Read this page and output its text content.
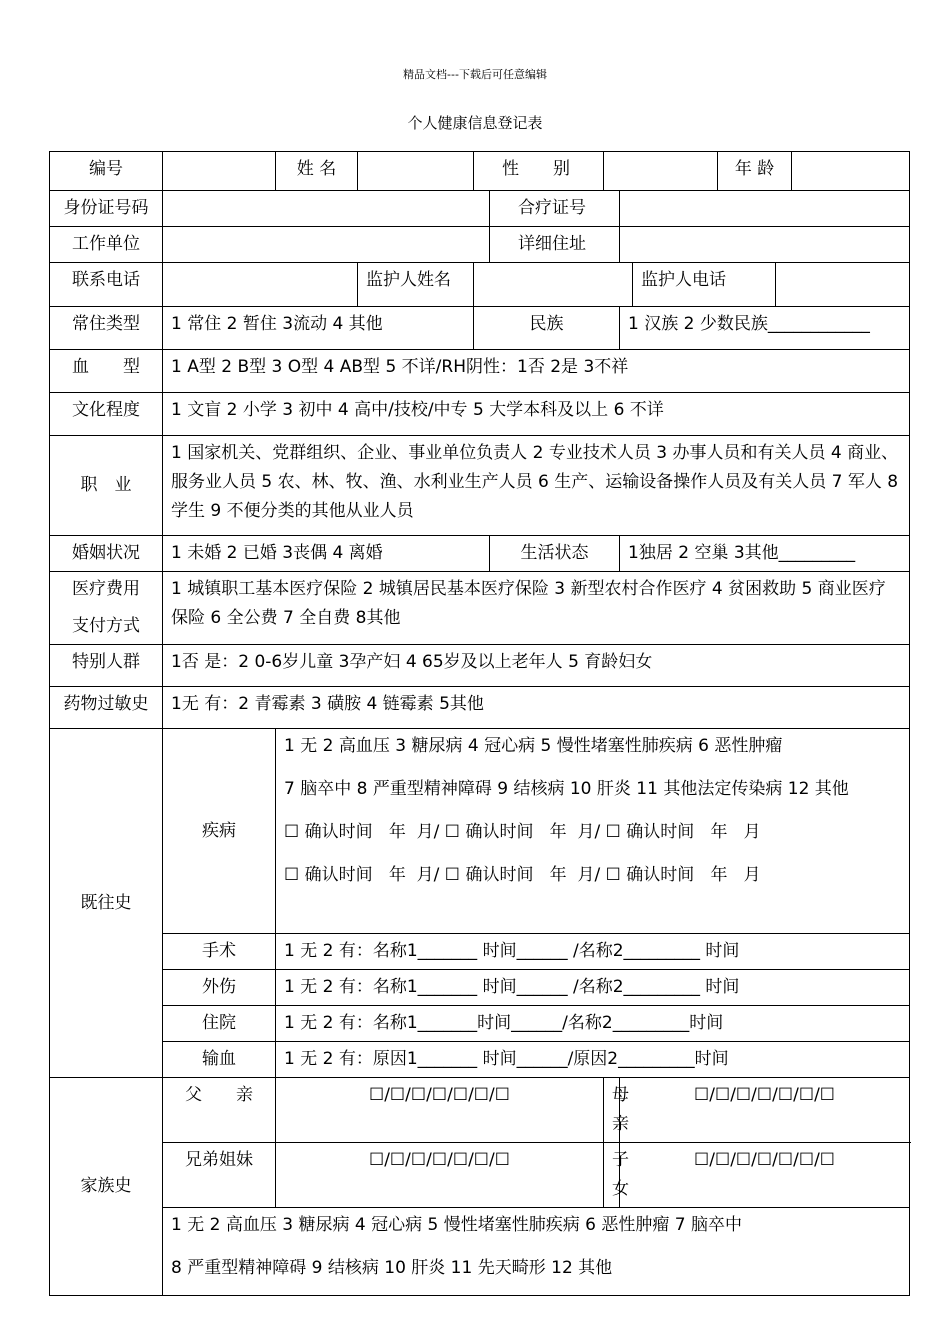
精品文档---下载后可任意编辑
个人健康信息登记表
编号		姓 名		性　　别					年 龄		
身份证号码					合疗证号						
工作单位					详细住址						
联系电话			监护人姓名					监护人电话			
常住类型	1 常住 2 暂住 3流动 4 其他			民族			1 汉族 2 少数民族____________				
血　　型	1 A型 2 B型 3 O型 4 AB型 5 不详/RH阴性：1否 2是 3不祥										
文化程度	1 文盲 2 小学 3 初中 4 高中/技校/中专 5 大学本科及以上 6 不详										
职　业	1 国家机关、党群组织、企业、事业单位负责人 2 专业技术人员 3 办事人员和有关人员 4 商业、服务业人员 5 农、林、牧、渔、水利业生产人员 6 生产、运输设备操作人员及有关人员 7 军人 8 学生 9 不便分类的其他从业人员										
婚姻状况	1 未婚 2 已婚 3丧偶 4 离婚				生活状态		1独居 2 空巢 3其他_________				

医疗费用
支付方式	1 城镇职工基本医疗保险 2 城镇居民基本医疗保险 3 新型农村合作医疗 4 贫困救助 5 商业医疗保险 6 全公费 7 全自费 8其他										
特别人群	1否 是：2 0-6岁儿童 3孕产妇 4 65岁及以上老年人 5 育龄妇女										
药物过敏史	1无 有：2 青霉素 3 磺胺 4 链霉素 5其他										
既往史	疾病	1 无 2 高血压 3 糖尿病 4 冠心病 5 慢性堵塞性肺疾病 6 恶性肿瘤

7 脑卒中 8 严重型精神障碍 9 结核病 10 肝炎 11 其他法定传染病 12 其他

☐ 确认时间   年  月/ ☐ 确认时间   年  月/ ☐ 确认时间   年   月

☐ 确认时间   年  月/ ☐ 确认时间   年  月/ ☐ 确认时间   年   月									

	手术	1 无 2 有：名称1_______ 时间______ /名称2_________ 时间									
	外伤	1 无 2 有：名称1_______ 时间______ /名称2_________ 时间									
	住院	1 无 2 有：名称1_______时间______/名称2_________时间									
	输血	1 无 2 有：原因1_______ 时间______/原因2_________时间									
家族史	父　　亲	☐/☐/☐/☐/☐/☐/☐				母　亲	☐/☐/☐/☐/☐/☐/☐				
	兄弟姐妹	☐/☐/☐/☐/☐/☐/☐				子　女	☐/☐/☐/☐/☐/☐/☐				

	1 无 2 高血压 3 糖尿病 4 冠心病 5 慢性堵塞性肺疾病 6 恶性肿瘤 7 脑卒中

8 严重型精神障碍 9 结核病 10 肝炎 11 先天畸形 12 其他										
